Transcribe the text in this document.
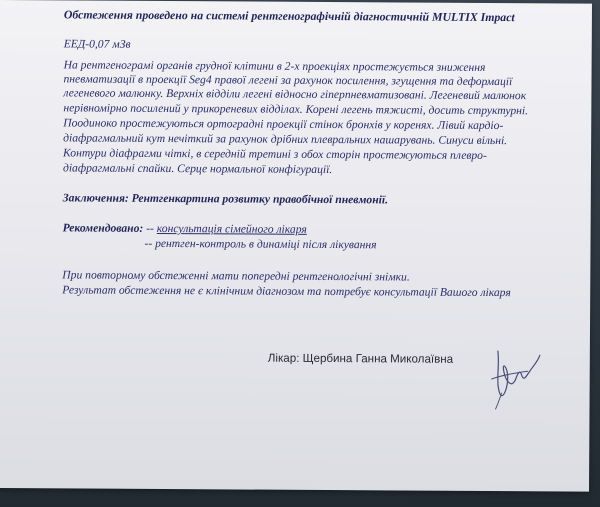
Обстеження проведено на системі рентгенографічній діагностичній MULTIX Impact
ЕЕД-0,07 мЗв
На рентгенограмі органів грудної клітини в 2-х проекціях простежується зниження
пневматизації в проекції Seg4 правої легені за рахунок посилення, згущення та деформації
легеневого малюнку. Верхніх відділи легені відносно гіперпневматизовані. Легеневий малюнок
нерівномірно посилений у прикореневих відділах. Корені легень тяжисті, досить структурні.
Поодиноко простежуються ортоградні проекції стінок бронхів у коренях. Лівий кардіо-
діафрагмальний кут нечіткий за рахунок дрібних плевральних нашарувань. Синуси вільні.
Контури діафрагми чіткі, в середній третині з обох сторін простежуються плевро-
діафрагмальні спайки. Серце нормальної конфігурації.
Заключення: Рентгенкартина розвитку правобічної пневмонії.
Рекомендовано: -- консультація сімейного лікаря
-- рентген-контроль в динаміці після лікування
При повторному обстеженні мати попередні рентгенологічні знімки.
Результат обстеження не є клінічним діагнозом та потребує консультації Вашого лікаря
Лікар: Щербина Ганна Миколаївна
